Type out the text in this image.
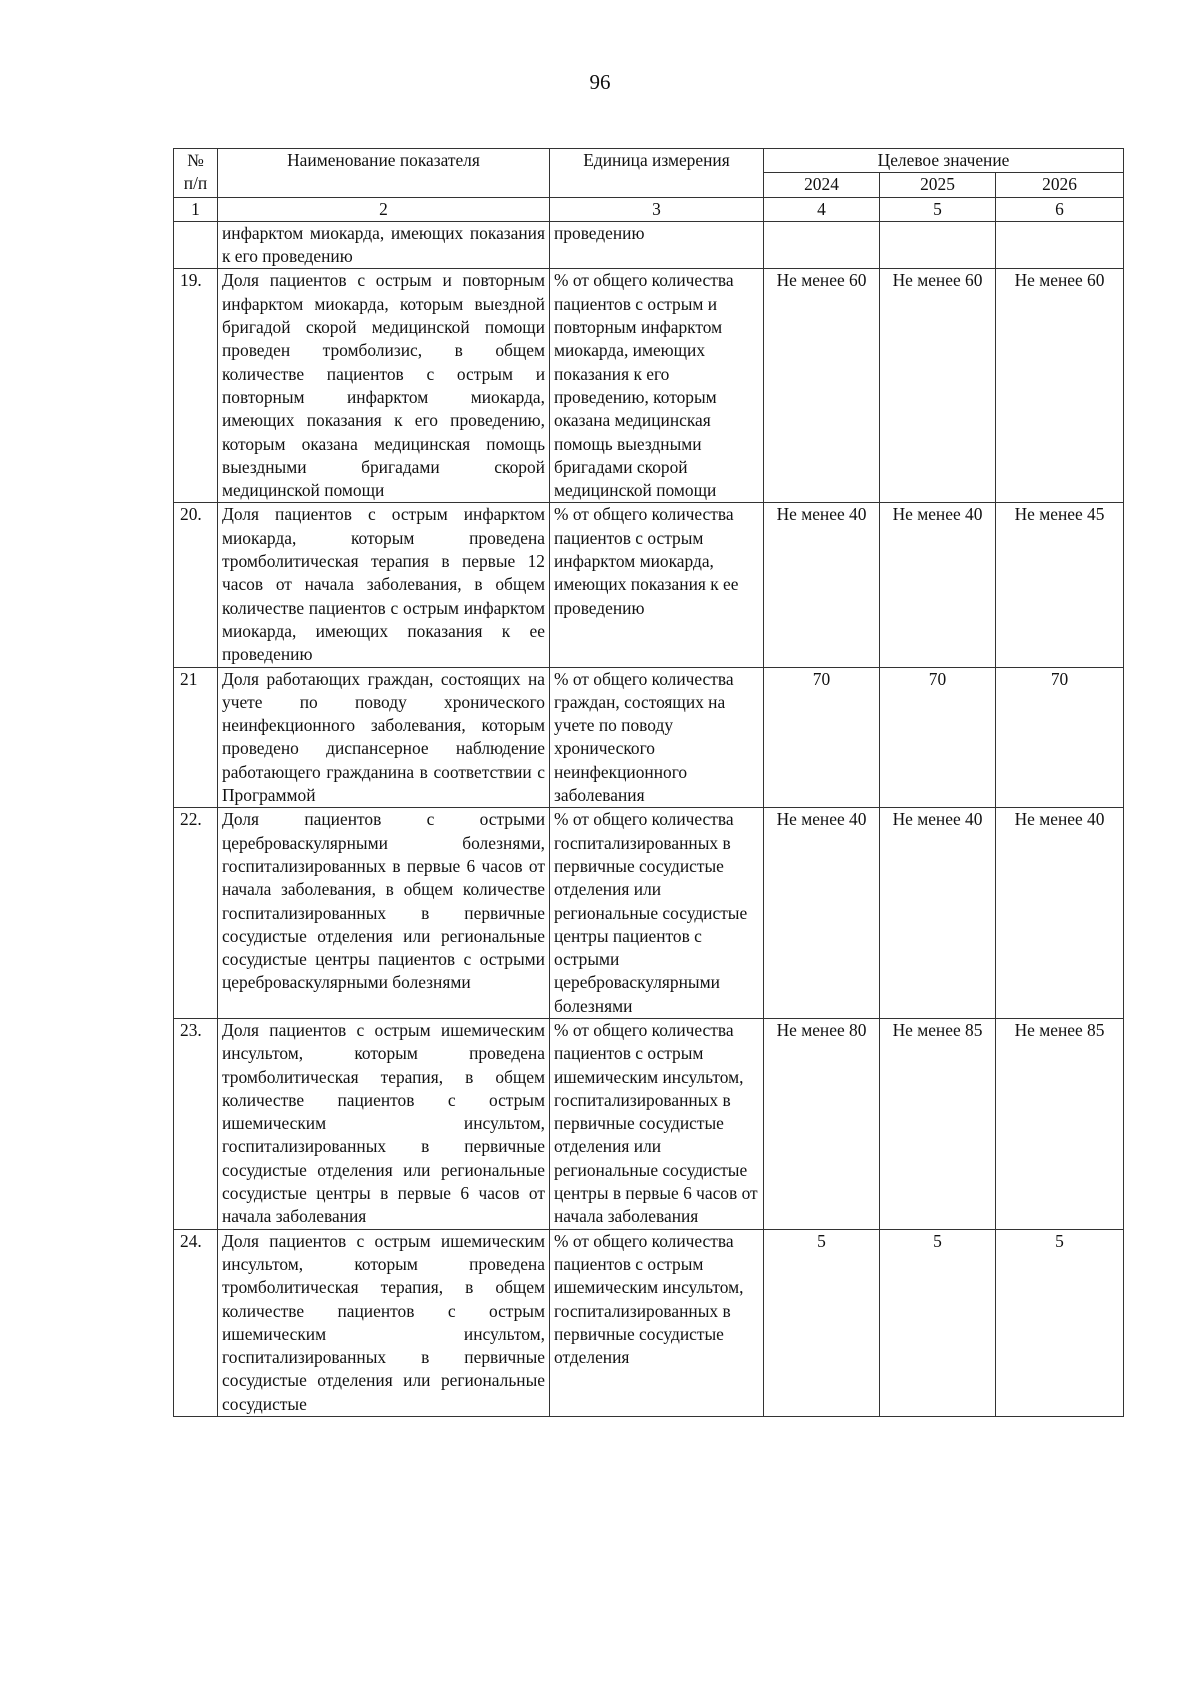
96
№ п/п	Наименование показателя	Единица измерения	Целевое значение		
			2024	2025	2026
1	2	3	4	5	6
	инфарктом миокарда, имеющих показания к его проведению	проведению			
19.	Доля пациентов с острым и повторным инфарктом миокарда, которым выездной бригадой скорой медицинской помощи проведен тромболизис, в общем количестве пациентов с острым и повторным инфарктом миокарда, имеющих показания к его проведению, которым оказана медицинская помощь выездными бригадами скорой медицинской помощи	% от общего количества пациентов с острым и повторным инфарктом миокарда, имеющих показания к его проведению, которым оказана медицинская помощь выездными бригадами скорой медицинской помощи	Не менее 60	Не менее 60	Не менее 60
20.	Доля пациентов с острым инфарктом миокарда, которым проведена тромболитическая терапия в первые 12 часов от начала заболевания, в общем количестве пациентов с острым инфарктом миокарда, имеющих показания к ее проведению	% от общего количества пациентов с острым инфарктом миокарда, имеющих показания к ее проведению	Не менее 40	Не менее 40	Не менее 45
21	Доля работающих граждан, состоящих на учете по поводу хронического неинфекционного заболевания, которым проведено диспансерное наблюдение работающего гражданина в соответствии с Программой	% от общего количества граждан, состоящих на учете по поводу хронического неинфекционного заболевания	70	70	70
22.	Доля пациентов с острыми цереброваскулярными болезнями, госпитализированных в первые 6 часов от начала заболевания, в общем количестве госпитализированных в первичные сосудистые отделения или региональные сосудистые центры пациентов с острыми цереброваскулярными болезнями	% от общего количества госпитализированных в первичные сосудистые отделения или региональные сосудистые центры пациентов с острыми цереброваскулярными болезнями	Не менее 40	Не менее 40	Не менее 40
23.	Доля пациентов с острым ишемическим инсультом, которым проведена тромболитическая терапия, в общем количестве пациентов с острым ишемическим инсультом, госпитализированных в первичные сосудистые отделения или региональные сосудистые центры в первые 6 часов от начала заболевания	% от общего количества пациентов с острым ишемическим инсультом, госпитализированных в первичные сосудистые отделения или региональные сосудистые центры в первые 6 часов от начала заболевания	Не менее 80	Не менее 85	Не менее 85
24.	Доля пациентов с острым ишемическим инсультом, которым проведена тромболитическая терапия, в общем количестве пациентов с острым ишемическим инсультом, госпитализированных в первичные сосудистые отделения или региональные сосудистые	% от общего количества пациентов с острым ишемическим инсультом, госпитализированных в первичные сосудистые отделения	5	5	5
